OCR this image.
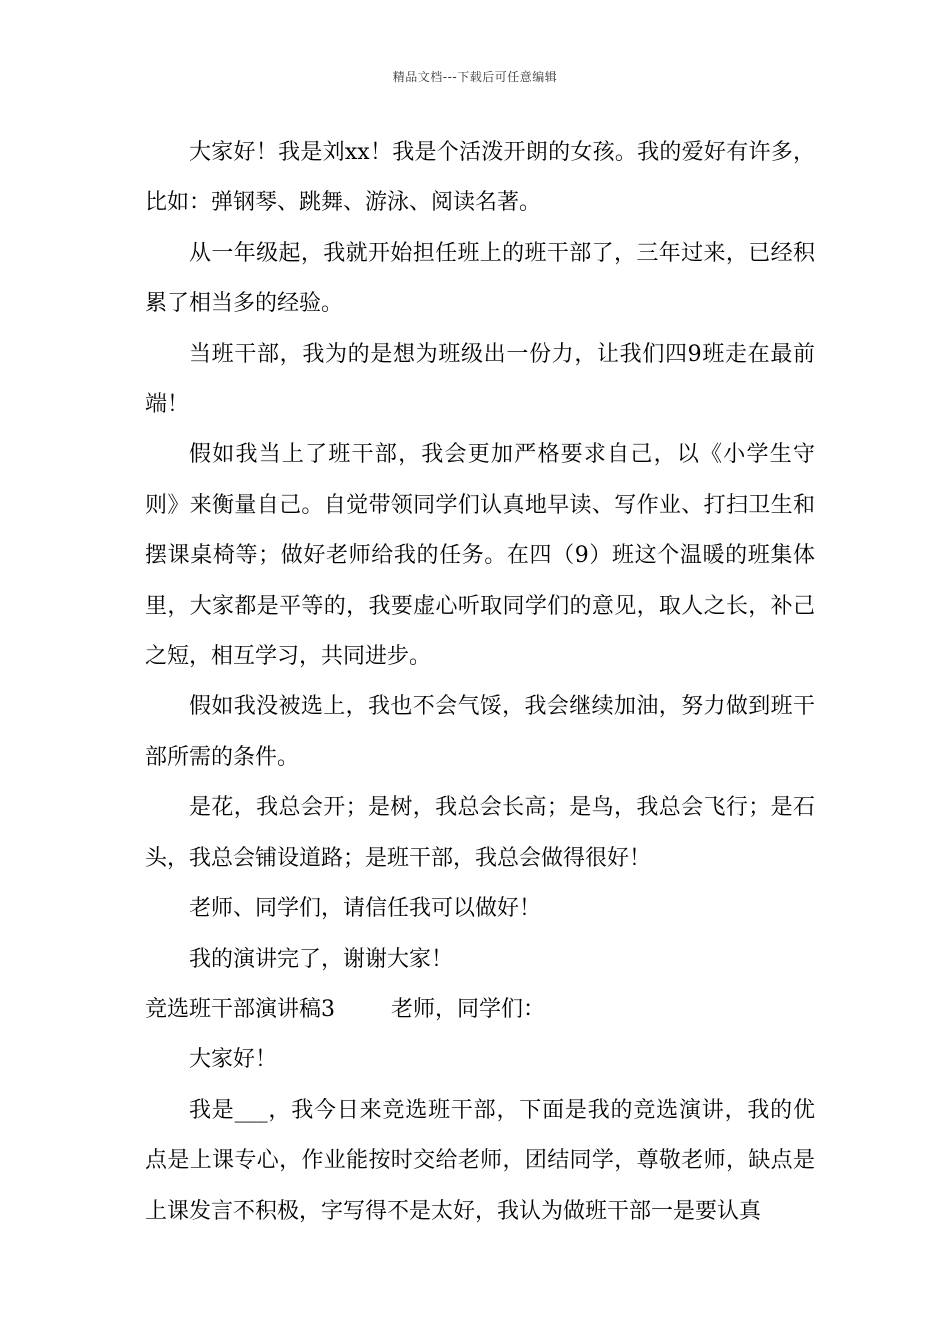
精品文档---下载后可任意编辑

大家好！我是刘xx！我是个活泼开朗的女孩。我的爱好有许多，比如：弹钢琴、跳舞、游泳、阅读名著。

从一年级起，我就开始担任班上的班干部了，三年过来，已经积累了相当多的经验。

当班干部，我为的是想为班级出一份力，让我们四9班走在最前端！

假如我当上了班干部，我会更加严格要求自己，以《小学生守则》来衡量自己。自觉带领同学们认真地早读、写作业、打扫卫生和摆课桌椅等；做好老师给我的任务。在四（9）班这个温暖的班集体里，大家都是平等的，我要虚心听取同学们的意见，取人之长，补己之短，相互学习，共同进步。

假如我没被选上，我也不会气馁，我会继续加油，努力做到班干部所需的条件。

是花，我总会开；是树，我总会长高；是鸟，我总会飞行；是石头，我总会铺设道路；是班干部，我总会做得很好！

老师、同学们，请信任我可以做好！

我的演讲完了，谢谢大家！

竞选班干部演讲稿3	老师，同学们：

大家好！

我是___，我今日来竞选班干部，下面是我的竞选演讲，我的优点是上课专心，作业能按时交给老师，团结同学，尊敬老师，缺点是上课发言不积极，字写得不是太好，我认为做班干部一是要认真
